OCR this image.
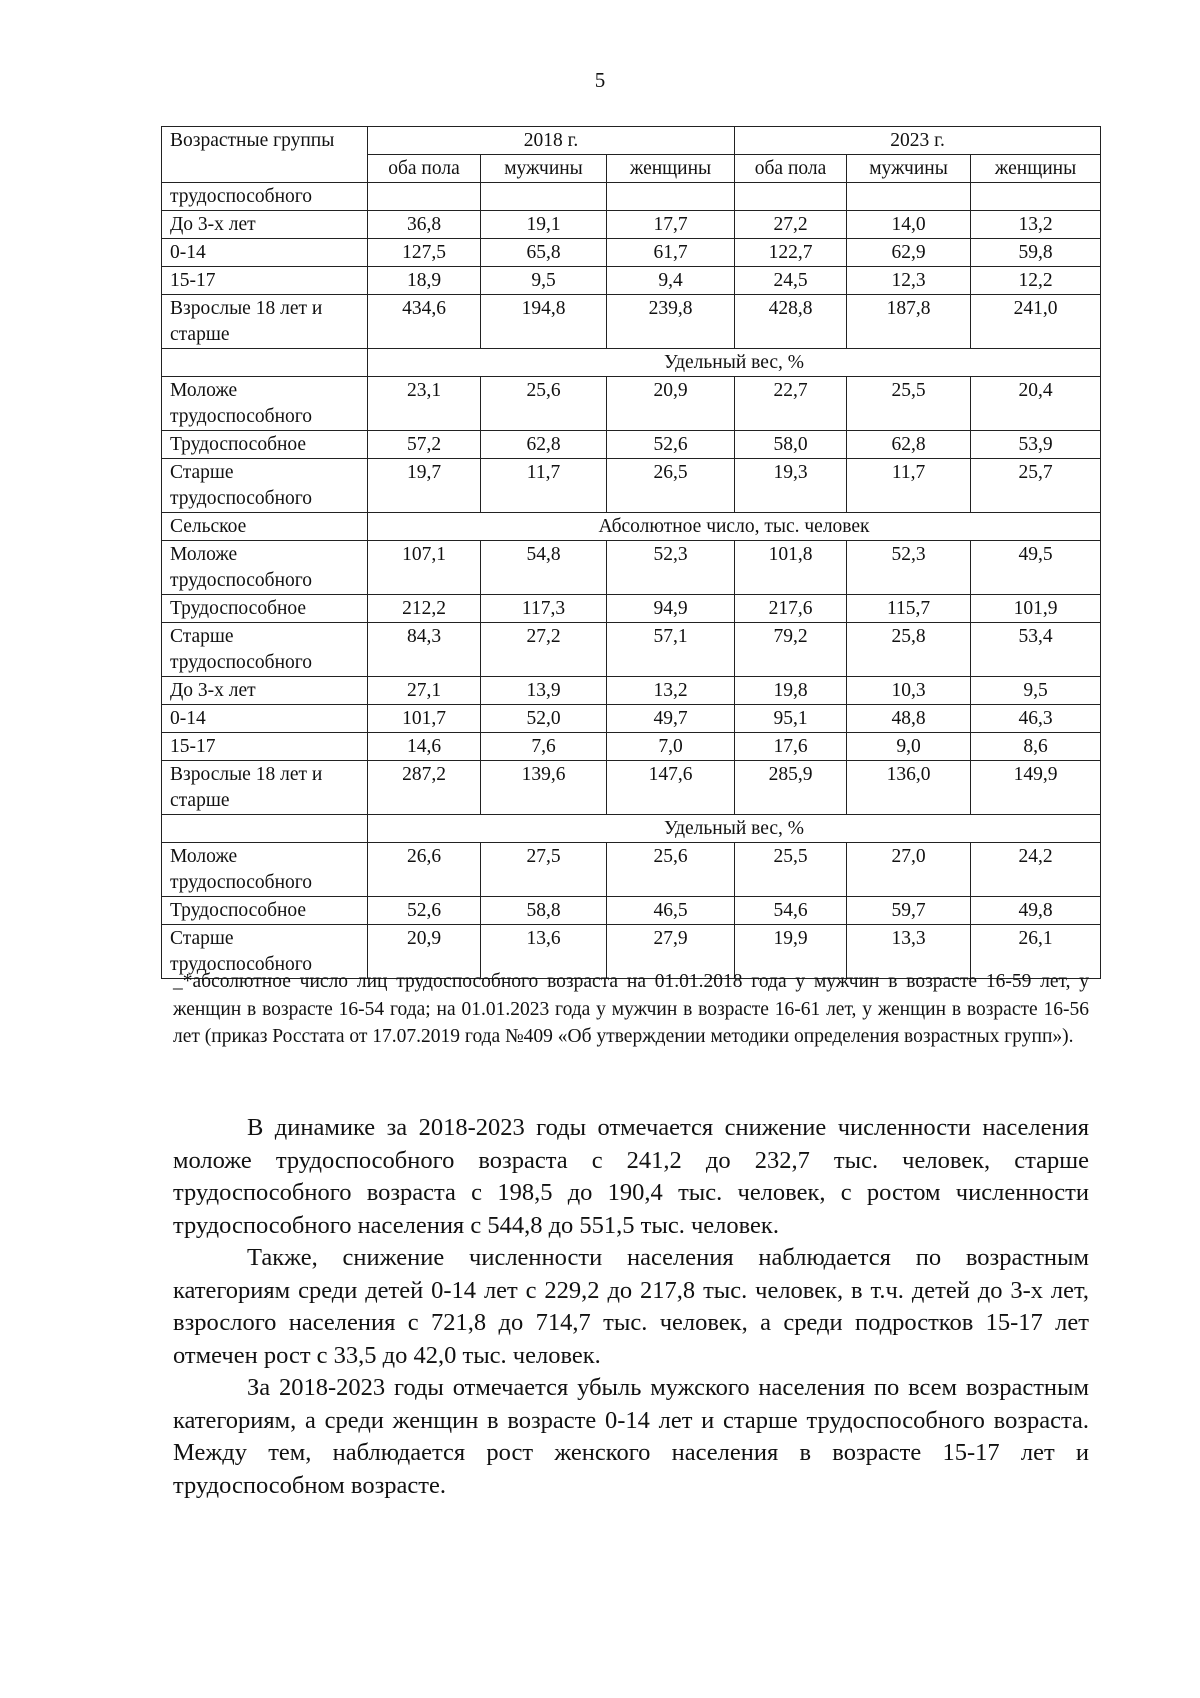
5
Возрастные группы	2018 г.			2023 г.		
	оба пола	мужчины	женщины	оба пола	мужчины	женщины
трудоспособного						
До 3-х лет	36,8	19,1	17,7	27,2	14,0	13,2
0-14	127,5	65,8	61,7	122,7	62,9	59,8
15-17	18,9	9,5	9,4	24,5	12,3	12,2
Взрослые 18 лет и старше	434,6	194,8	239,8	428,8	187,8	241,0
	Удельный вес, %					
Моложе трудоспособного	23,1	25,6	20,9	22,7	25,5	20,4
Трудоспособное	57,2	62,8	52,6	58,0	62,8	53,9
Старше трудоспособного	19,7	11,7	26,5	19,3	11,7	25,7
Сельское	Абсолютное число, тыс. человек					
Моложе трудоспособного	107,1	54,8	52,3	101,8	52,3	49,5
Трудоспособное	212,2	117,3	94,9	217,6	115,7	101,9
Старше трудоспособного	84,3	27,2	57,1	79,2	25,8	53,4
До 3-х лет	27,1	13,9	13,2	19,8	10,3	9,5
0-14	101,7	52,0	49,7	95,1	48,8	46,3
15-17	14,6	7,6	7,0	17,6	9,0	8,6
Взрослые 18 лет и старше	287,2	139,6	147,6	285,9	136,0	149,9
	Удельный вес, %					
Моложе трудоспособного	26,6	27,5	25,6	25,5	27,0	24,2
Трудоспособное	52,6	58,8	46,5	54,6	59,7	49,8
Старше трудоспособного	20,9	13,6	27,9	19,9	13,3	26,1
_*абсолютное число лиц трудоспособного возраста на 01.01.2018 года у мужчин в возрасте 16-59 лет, у женщин в возрасте 16-54 года; на 01.01.2023 года у мужчин в возрасте 16-61 лет, у женщин в возрасте 16-56 лет (приказ Росстата от 17.07.2019 года №409 «Об утверждении методики определения возрастных групп»).

В динамике за 2018-2023 годы отмечается снижение численности населения моложе трудоспособного возраста с 241,2 до 232,7 тыс. человек, старше трудоспособного возраста с 198,5 до 190,4 тыс. человек, с ростом численности трудоспособного населения с 544,8 до 551,5 тыс. человек.

Также, снижение численности населения наблюдается по возрастным категориям среди детей 0-14 лет с 229,2 до 217,8 тыс. человек, в т.ч. детей до 3-х лет, взрослого населения с 721,8 до 714,7 тыс. человек, а среди подростков 15-17 лет отмечен рост с 33,5 до 42,0 тыс. человек.

За 2018-2023 годы отмечается убыль мужского населения по всем возрастным категориям, а среди женщин в возрасте 0-14 лет и старше трудоспособного возраста. Между тем, наблюдается рост женского населения в возрасте 15-17 лет и трудоспособном возрасте.
